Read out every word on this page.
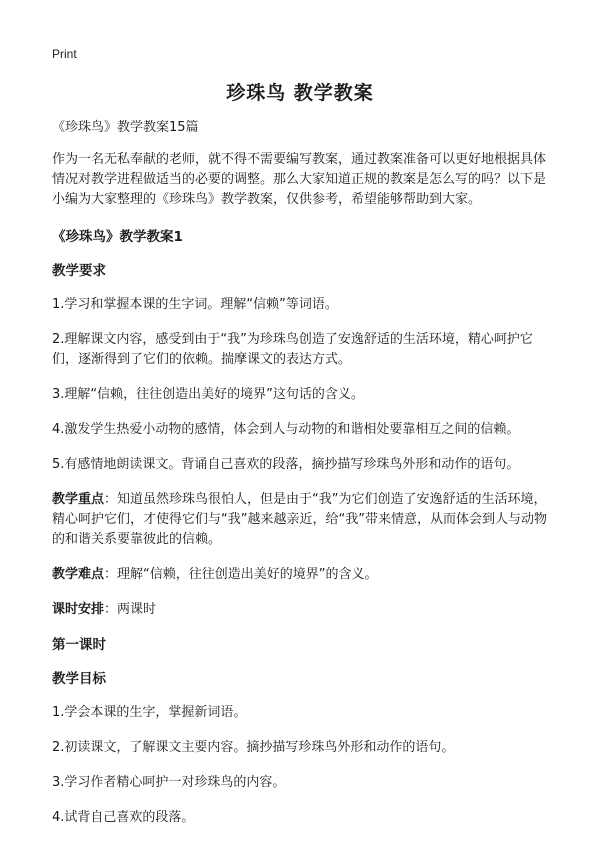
Print
珍珠鸟 教学教案

《珍珠鸟》教学教案15篇

作为一名无私奉献的老师，就不得不需要编写教案，通过教案准备可以更好地根据具体情况对教学进程做适当的必要的调整。那么大家知道正规的教案是怎么写的吗？以下是小编为大家整理的《珍珠鸟》教学教案，仅供参考，希望能够帮助到大家。

《珍珠鸟》教学教案1

教学要求

1.学习和掌握本课的生字词。理解“信赖”等词语。

2.理解课文内容，感受到由于“我”为珍珠鸟创造了安逸舒适的生活环境，精心呵护它们，逐渐得到了它们的依赖。揣摩课文的表达方式。

3.理解“信赖，往往创造出美好的境界”这句话的含义。

4.激发学生热爱小动物的感情，体会到人与动物的和谐相处要靠相互之间的信赖。

5.有感情地朗读课文。背诵自己喜欢的段落，摘抄描写珍珠鸟外形和动作的语句。

教学重点：知道虽然珍珠鸟很怕人，但是由于“我”为它们创造了安逸舒适的生活环境，精心呵护它们，才使得它们与“我”越来越亲近，给“我”带来情意，从而体会到人与动物的和谐关系要靠彼此的信赖。

教学难点：理解“信赖，往往创造出美好的境界”的含义。

课时安排：两课时

第一课时

教学目标

1.学会本课的生字，掌握新词语。

2.初读课文，了解课文主要内容。摘抄描写珍珠鸟外形和动作的语句。

3.学习作者精心呵护一对珍珠鸟的内容。

4.试背自己喜欢的段落。
